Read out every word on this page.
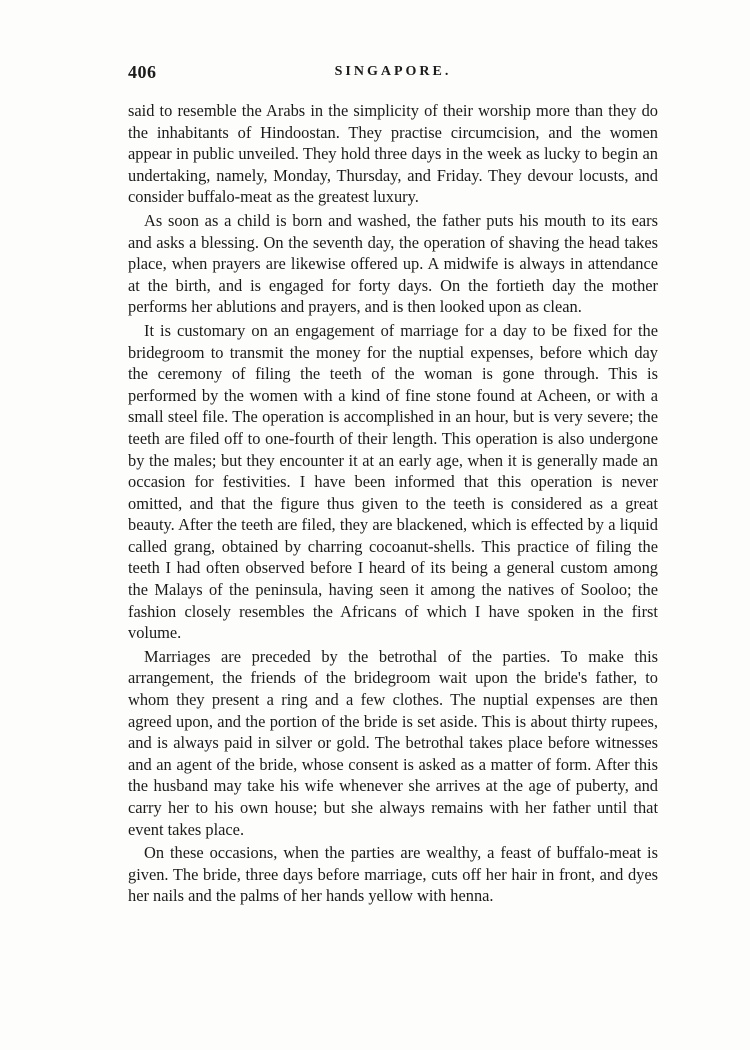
406	SINGAPORE.

said to resemble the Arabs in the simplicity of their worship more than they do the inhabitants of Hindoostan. They practise circumcision, and the women appear in public unveiled. They hold three days in the week as lucky to begin an undertaking, namely, Monday, Thursday, and Friday. They devour locusts, and consider buffalo-meat as the greatest luxury.

As soon as a child is born and washed, the father puts his mouth to its ears and asks a blessing. On the seventh day, the operation of shaving the head takes place, when prayers are likewise offered up. A midwife is always in attendance at the birth, and is engaged for forty days. On the fortieth day the mother performs her ablutions and prayers, and is then looked upon as clean.

It is customary on an engagement of marriage for a day to be fixed for the bridegroom to transmit the money for the nuptial expenses, before which day the ceremony of filing the teeth of the woman is gone through. This is performed by the women with a kind of fine stone found at Acheen, or with a small steel file. The operation is accomplished in an hour, but is very severe; the teeth are filed off to one-fourth of their length. This operation is also undergone by the males; but they encounter it at an early age, when it is generally made an occasion for festivities. I have been informed that this operation is never omitted, and that the figure thus given to the teeth is considered as a great beauty. After the teeth are filed, they are blackened, which is effected by a liquid called grang, obtained by charring cocoanut-shells. This practice of filing the teeth I had often observed before I heard of its being a general custom among the Malays of the peninsula, having seen it among the natives of Sooloo; the fashion closely resembles the Africans of which I have spoken in the first volume.

Marriages are preceded by the betrothal of the parties. To make this arrangement, the friends of the bridegroom wait upon the bride's father, to whom they present a ring and a few clothes. The nuptial expenses are then agreed upon, and the portion of the bride is set aside. This is about thirty rupees, and is always paid in silver or gold. The betrothal takes place before witnesses and an agent of the bride, whose consent is asked as a matter of form. After this the husband may take his wife whenever she arrives at the age of puberty, and carry her to his own house; but she always remains with her father until that event takes place.

On these occasions, when the parties are wealthy, a feast of buffalo-meat is given. The bride, three days before marriage, cuts off her hair in front, and dyes her nails and the palms of her hands yellow with henna.
